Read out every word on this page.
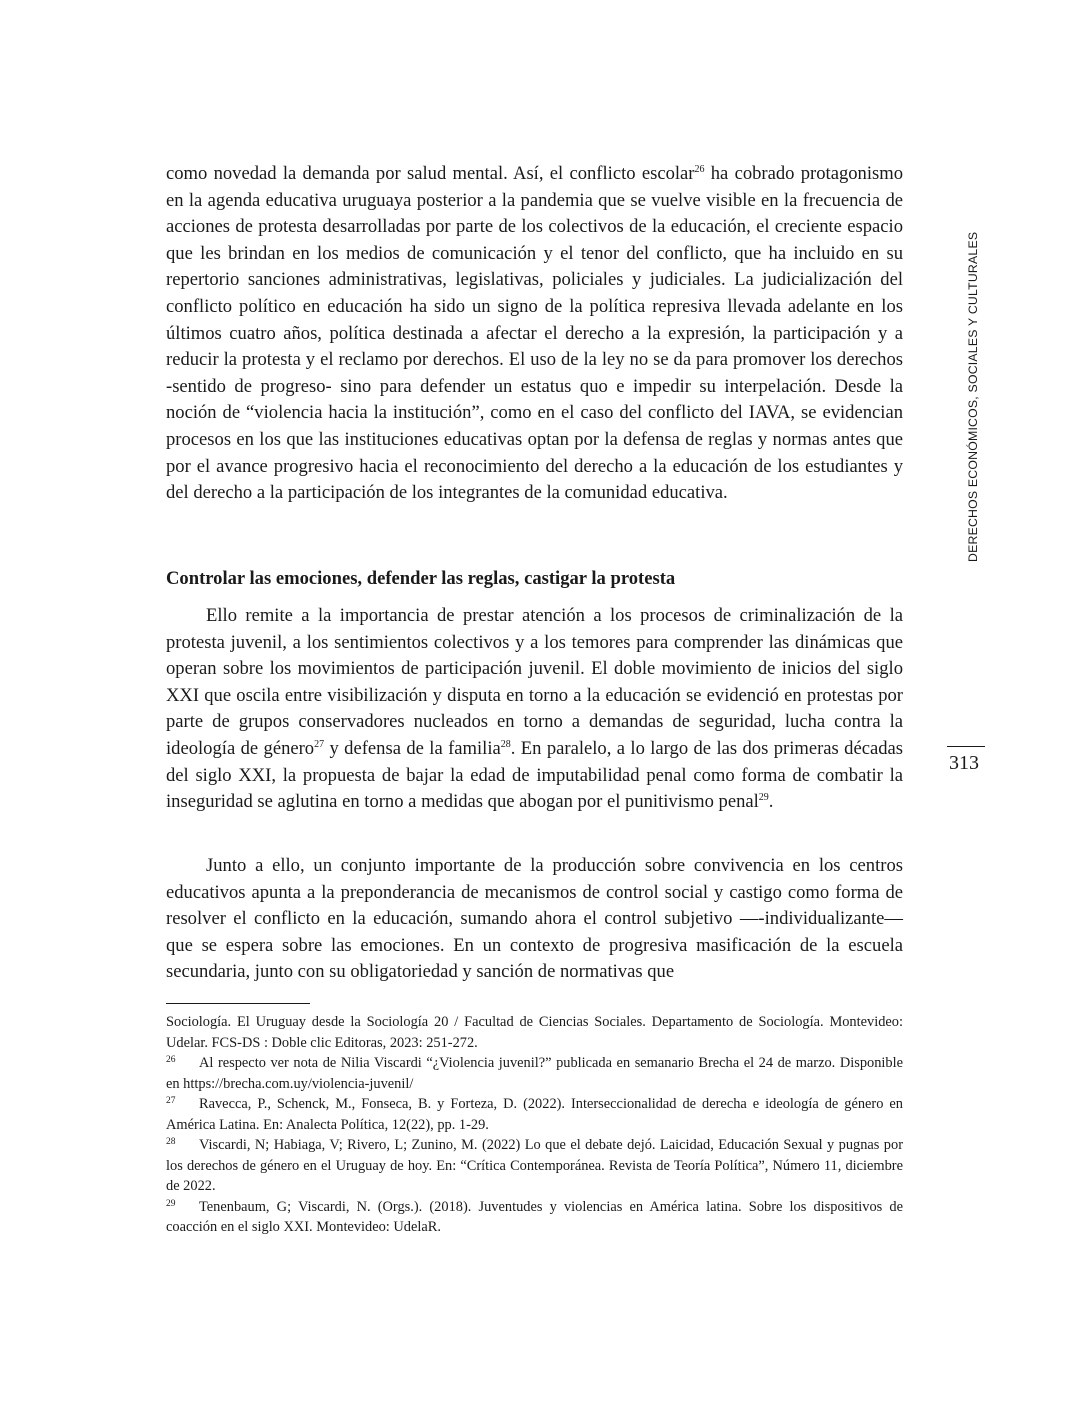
como novedad la demanda por salud mental. Así, el conflicto escolar$^{26}$ ha cobrado protagonismo en la agenda educativa uruguaya posterior a la pandemia que se vuelve visible en la frecuencia de acciones de protesta desarrolladas por parte de los colectivos de la educación, el creciente espacio que les brindan en los medios de comunicación y el tenor del conflicto, que ha incluido en su repertorio sanciones administrativas, legislativas, policiales y judiciales. La judicialización del conflicto político en educación ha sido un signo de la política represiva llevada adelante en los últimos cuatro años, política destinada a afectar el derecho a la expresión, la participación y a reducir la protesta y el reclamo por derechos. El uso de la ley no se da para promover los derechos -sentido de progreso- sino para defender un estatus quo e impedir su interpelación. Desde la noción de “violencia hacia la institución”, como en el caso del conflicto del IAVA, se evidencian procesos en los que las instituciones educativas optan por la defensa de reglas y normas antes que por el avance progresivo hacia el reconocimiento del derecho a la educación de los estudiantes y del derecho a la participación de los integrantes de la comunidad educativa.
Controlar las emociones, defender las reglas, castigar la protesta
Ello remite a la importancia de prestar atención a los procesos de criminalización de la protesta juvenil, a los sentimientos colectivos y a los temores para comprender las dinámicas que operan sobre los movimientos de participación juvenil. El doble movimiento de inicios del siglo XXI que oscila entre visibilización y disputa en torno a la educación se evidenció en protestas por parte de grupos conservadores nucleados en torno a demandas de seguridad, lucha contra la ideología de género$^{27}$ y defensa de la familia$^{28}$. En paralelo, a lo largo de las dos primeras décadas del siglo XXI, la propuesta de bajar la edad de imputabilidad penal como forma de combatir la inseguridad se aglutina en torno a medidas que abogan por el punitivismo penal$^{29}$.
Junto a ello, un conjunto importante de la producción sobre convivencia en los centros educativos apunta a la preponderancia de mecanismos de control social y castigo como forma de resolver el conflicto en la educación, sumando ahora el control subjetivo —-individualizante— que se espera sobre las emociones. En un contexto de progresiva masificación de la escuela secundaria, junto con su obligatoriedad y sanción de normativas que

Sociología. El Uruguay desde la Sociología 20 / Facultad de Ciencias Sociales. Departamento de Sociología. Montevideo: Udelar. FCS-DS : Doble clic Editoras, 2023: 251-272.

26 Al respecto ver nota de Nilia Viscardi “¿Violencia juvenil?” publicada en semanario Brecha el 24 de marzo. Disponible en https://brecha.com.uy/violencia-juvenil/

27 Ravecca, P., Schenck, M., Fonseca, B. y Forteza, D. (2022). Interseccionalidad de derecha e ideología de género en América Latina. En: Analecta Política, 12(22), pp. 1-29.

28 Viscardi, N; Habiaga, V; Rivero, L; Zunino, M. (2022) Lo que el debate dejó. Laicidad, Educación Sexual y pugnas por los derechos de género en el Uruguay de hoy. En: “Crítica Contemporánea. Revista de Teoría Política”, Número 11, diciembre de 2022.

29 Tenenbaum, G; Viscardi, N. (Orgs.). (2018). Juventudes y violencias en América latina. Sobre los dispositivos de coacción en el siglo XXI. Montevideo: UdelaR.

DERECHOS ECONÓMICOS, SOCIALES Y CULTURALES
313
